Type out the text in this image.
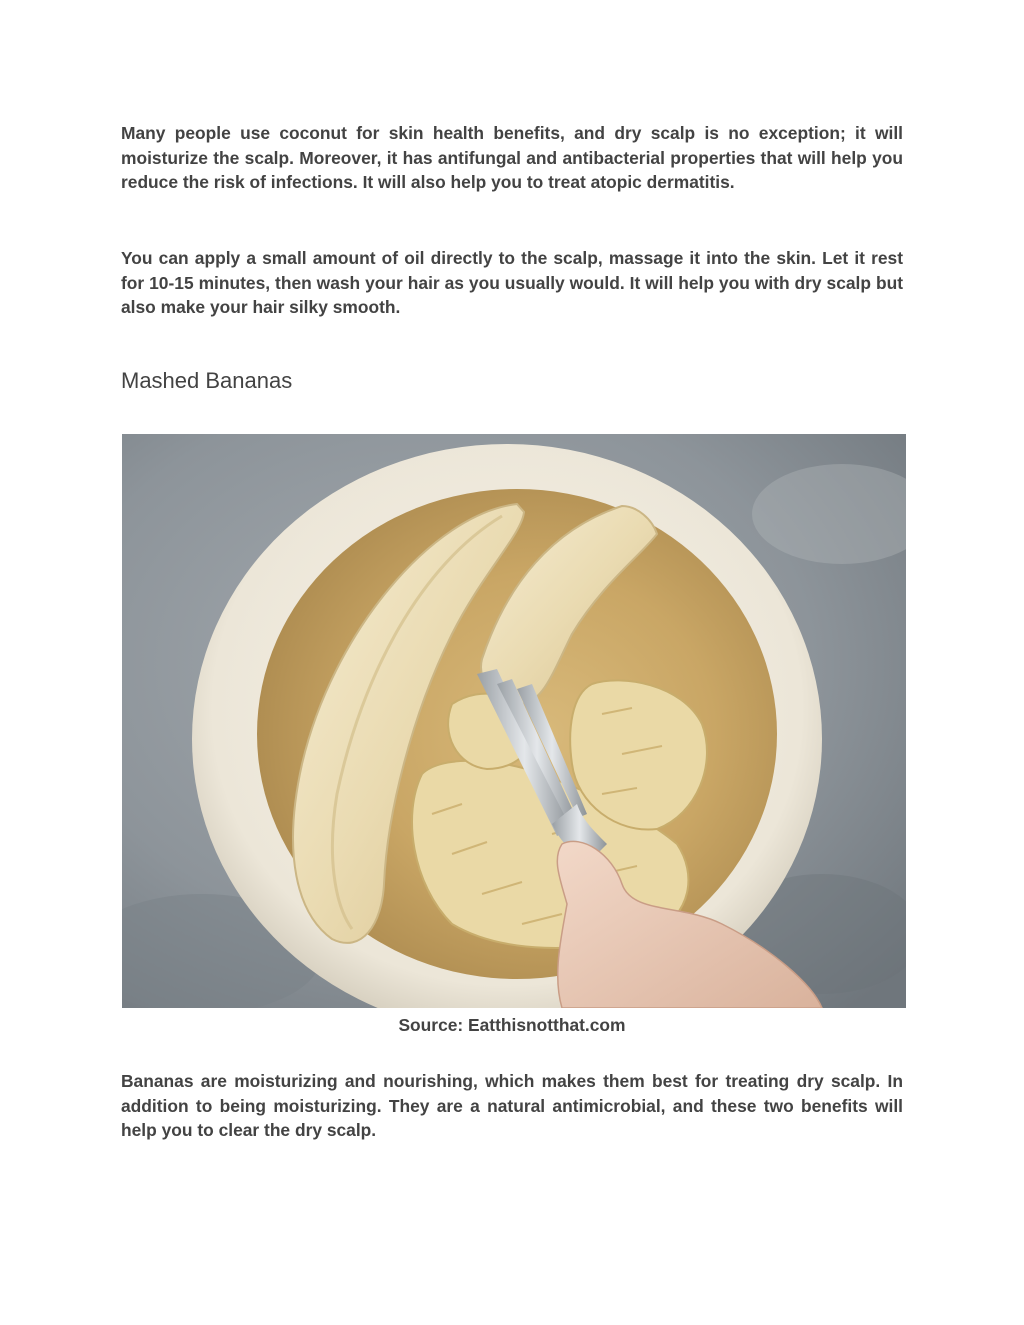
Many people use coconut for skin health benefits, and dry scalp is no exception; it will moisturize the scalp. Moreover, it has antifungal and antibacterial properties that will help you reduce the risk of infections. It will also help you to treat atopic dermatitis.

You can apply a small amount of oil directly to the scalp, massage it into the skin. Let it rest for 10-15 minutes, then wash your hair as you usually would. It will help you with dry scalp but also make your hair silky smooth.

Mashed Bananas

Source: Eatthisnotthat.com

Bananas are moisturizing and nourishing, which makes them best for treating dry scalp. In addition to being moisturizing. They are a natural antimicrobial, and these two benefits will help you to clear the dry scalp.
